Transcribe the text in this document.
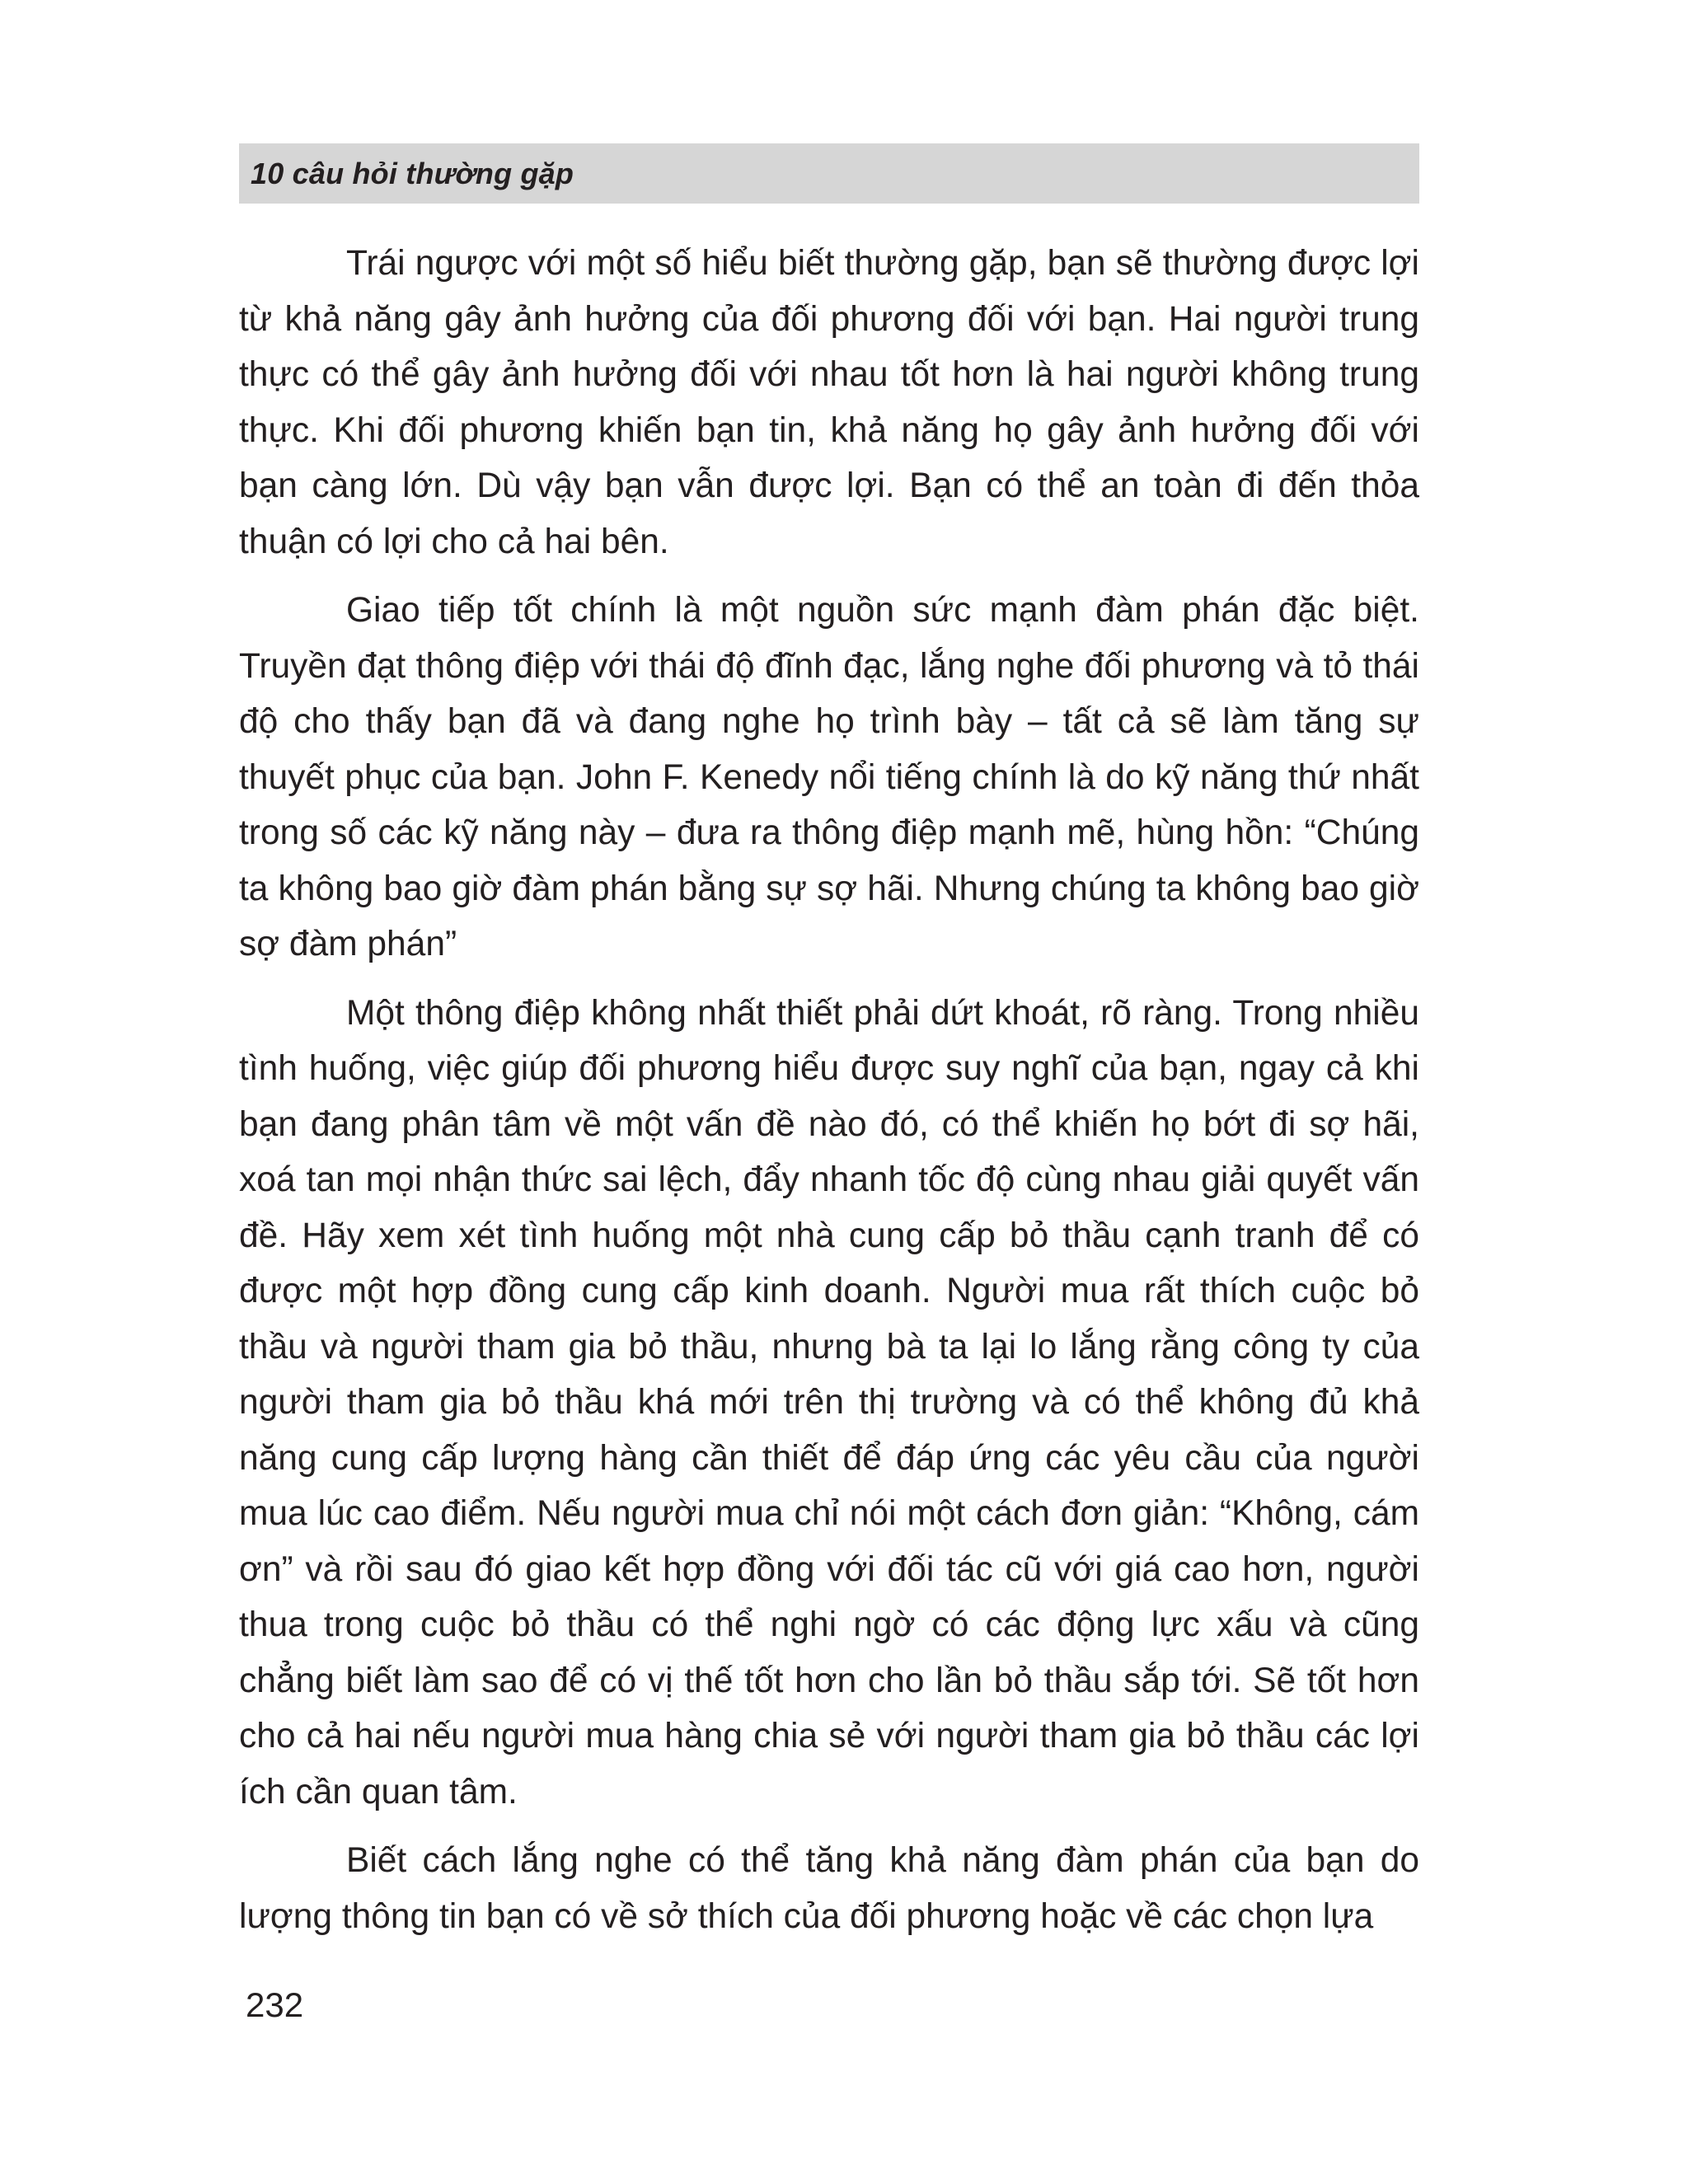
10 câu hỏi thường gặp

Trái ngược với một số hiểu biết thường gặp, bạn sẽ thường được lợi từ khả năng gây ảnh hưởng của đối phương đối với bạn. Hai người trung thực có thể gây ảnh hưởng đối với nhau tốt hơn là hai người không trung thực. Khi đối phương khiến bạn tin, khả năng họ gây ảnh hưởng đối với bạn càng lớn. Dù vậy bạn vẫn được lợi. Bạn có thể an toàn đi đến thỏa thuận có lợi cho cả hai bên.

Giao tiếp tốt chính là một nguồn sức mạnh đàm phán đặc biệt. Truyền đạt thông điệp với thái độ đĩnh đạc, lắng nghe đối phương và tỏ thái độ cho thấy bạn đã và đang nghe họ trình bày – tất cả sẽ làm tăng sự thuyết phục của bạn. John F. Kenedy nổi tiếng chính là do kỹ năng thứ nhất trong số các kỹ năng này – đưa ra thông điệp mạnh mẽ, hùng hồn: “Chúng ta không bao giờ đàm phán bằng sự sợ hãi. Nhưng chúng ta không bao giờ sợ đàm phán”

Một thông điệp không nhất thiết phải dứt khoát, rõ ràng. Trong nhiều tình huống, việc giúp đối phương hiểu được suy nghĩ của bạn, ngay cả khi bạn đang phân tâm về một vấn đề nào đó, có thể khiến họ bớt đi sợ hãi, xoá tan mọi nhận thức sai lệch, đẩy nhanh tốc độ cùng nhau giải quyết vấn đề. Hãy xem xét tình huống một nhà cung cấp bỏ thầu cạnh tranh để có được một hợp đồng cung cấp kinh doanh. Người mua rất thích cuộc bỏ thầu và người tham gia bỏ thầu, nhưng bà ta lại lo lắng rằng công ty của người tham gia bỏ thầu khá mới trên thị trường và có thể không đủ khả năng cung cấp lượng hàng cần thiết để đáp ứng các yêu cầu của người mua lúc cao điểm. Nếu người mua chỉ nói một cách đơn giản: “Không, cám ơn” và rồi sau đó giao kết hợp đồng với đối tác cũ với giá cao hơn, người thua trong cuộc bỏ thầu có thể nghi ngờ có các động lực xấu và cũng chẳng biết làm sao để có vị thế tốt hơn cho lần bỏ thầu sắp tới. Sẽ tốt hơn cho cả hai nếu người mua hàng chia sẻ với người tham gia bỏ thầu các lợi ích cần quan tâm.

Biết cách lắng nghe có thể tăng khả năng đàm phán của bạn do lượng thông tin bạn có về sở thích của đối phương hoặc về các chọn lựa

232
